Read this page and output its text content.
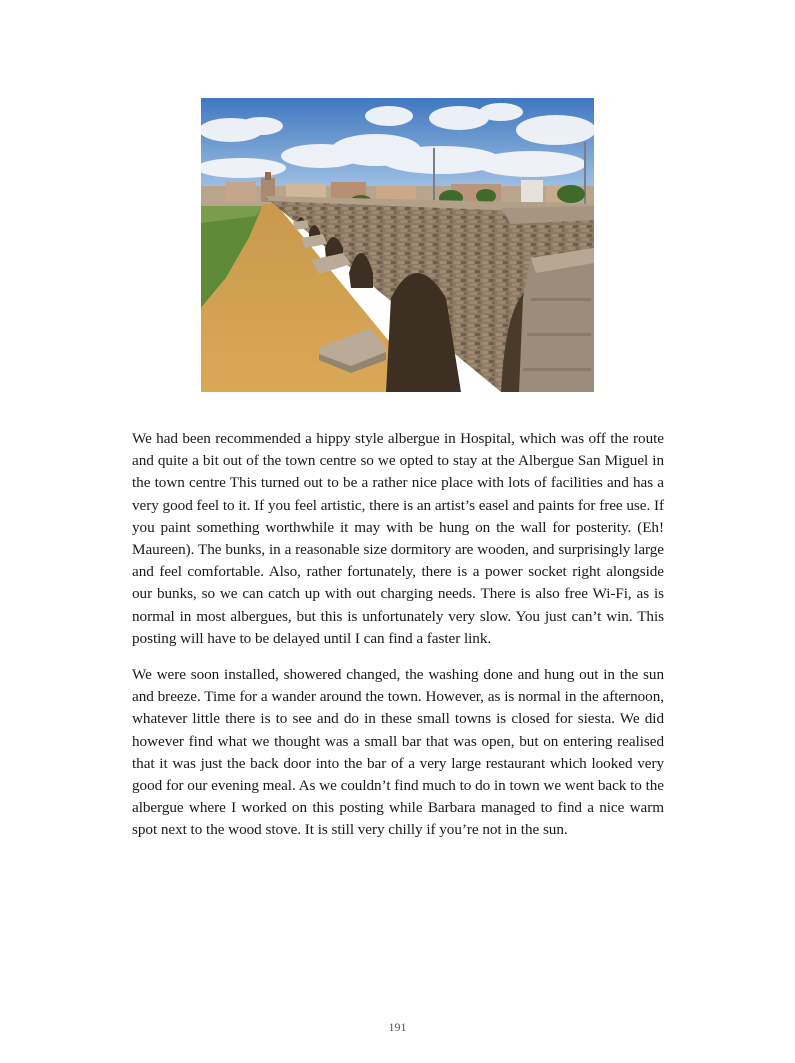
We had been recommended a hippy style albergue in Hospital, which was off the route and quite a bit out of the town centre so we opted to stay at the Albergue San Miguel in the town centre This turned out to be a rather nice place with lots of facilities and has a very good feel to it. If you feel artistic, there is an artist’s easel and paints for free use. If you paint something worthwhile it may with be hung on the wall for posterity. (Eh! Maureen). The bunks, in a reasonable size dormitory are wooden, and surprisingly large and feel comfortable. Also, rather fortunately, there is a power socket right alongside our bunks, so we can catch up with out charging needs. There is also free Wi-Fi, as is normal in most albergues, but this is unfortunately very slow. You just can’t win. This posting will have to be delayed until I can find a faster link.

We were soon installed, showered changed, the washing done and hung out in the sun and breeze. Time for a wander around the town. However, as is normal in the afternoon, whatever little there is to see and do in these small towns is closed for siesta. We did however find what we thought was a small bar that was open, but on entering realised that it was just the back door into the bar of a very large restaurant which looked very good for our evening meal. As we couldn’t find much to do in town we went back to the albergue where I worked on this posting while Barbara managed to find a nice warm spot next to the wood stove. It is still very chilly if you’re not in the sun.

191
